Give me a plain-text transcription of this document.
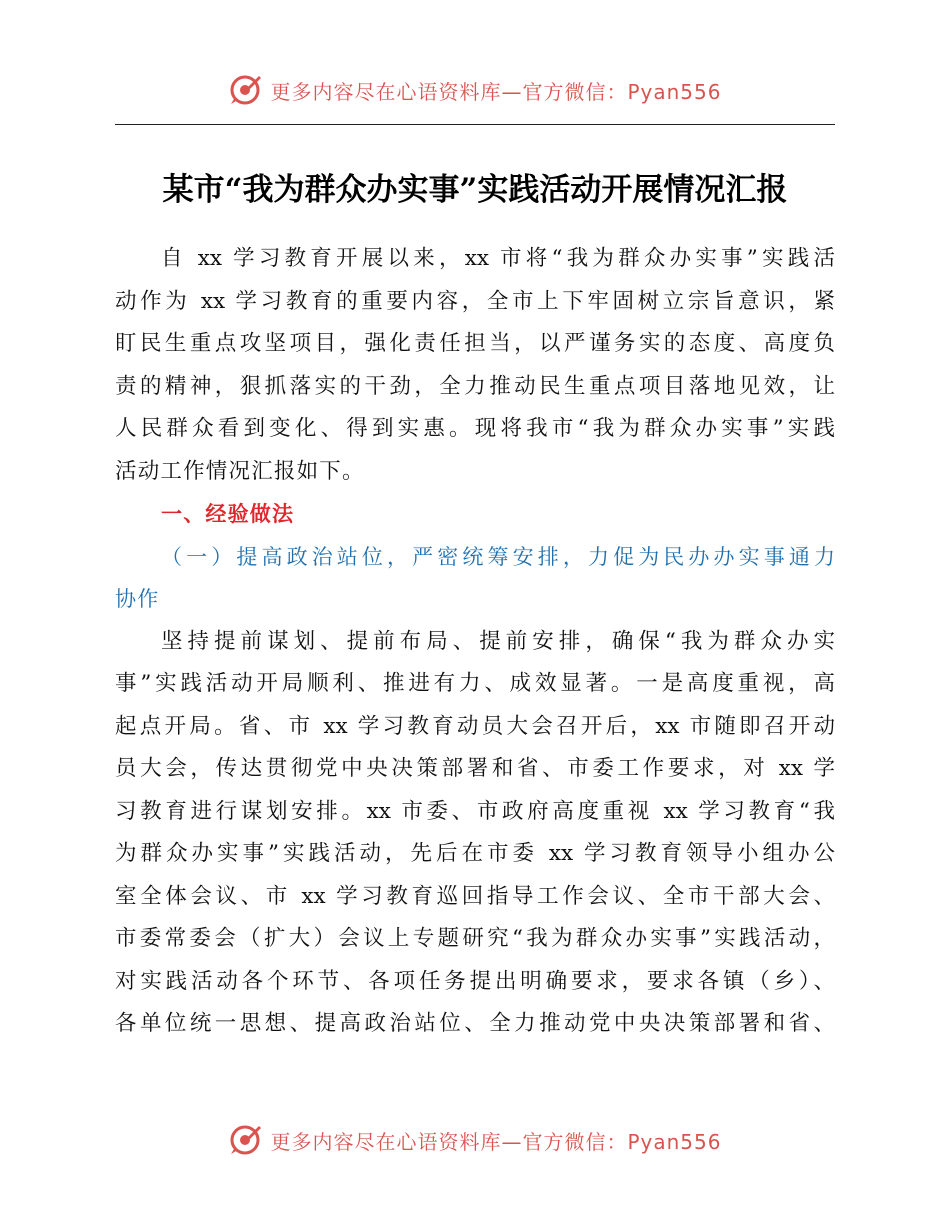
更多内容尽在心语资料库—官方微信：Pyan556
某市“我为群众办实事”实践活动开展情况汇报
自 xx 学习教育开展以来，xx 市将“我为群众办实事”实践活
动作为 xx 学习教育的重要内容，全市上下牢固树立宗旨意识，紧
盯民生重点攻坚项目，强化责任担当，以严谨务实的态度、高度负
责的精神，狠抓落实的干劲，全力推动民生重点项目落地见效，让
人民群众看到变化、得到实惠。现将我市“我为群众办实事”实践
活动工作情况汇报如下。
一、经验做法
（一）提高政治站位，严密统筹安排，力促为民办办实事通力
协作
坚持提前谋划、提前布局、提前安排，确保“我为群众办实
事”实践活动开局顺利、推进有力、成效显著。一是高度重视，高
起点开局。省、市 xx 学习教育动员大会召开后，xx 市随即召开动
员大会，传达贯彻党中央决策部署和省、市委工作要求，对 xx 学
习教育进行谋划安排。xx 市委、市政府高度重视 xx 学习教育“我
为群众办实事”实践活动，先后在市委 xx 学习教育领导小组办公
室全体会议、市 xx 学习教育巡回指导工作会议、全市干部大会、
市委常委会（扩大）会议上专题研究“我为群众办实事”实践活动，
对实践活动各个环节、各项任务提出明确要求，要求各镇（乡）、
各单位统一思想、提高政治站位、全力推动党中央决策部署和省、
更多内容尽在心语资料库—官方微信：Pyan556
